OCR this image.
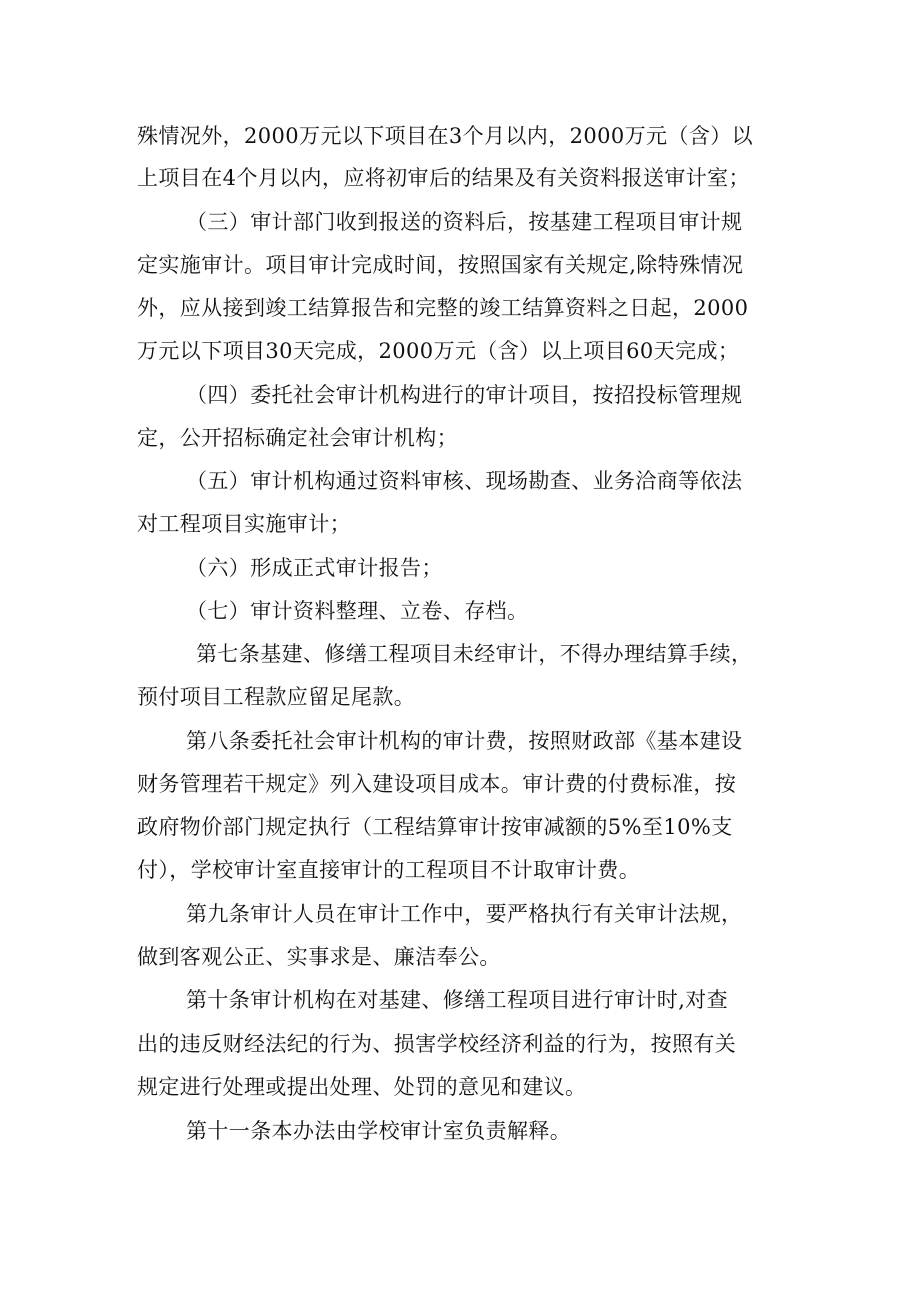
殊情况外，2000万元以下项目在3个月以内，2000万元（含）以
上项目在4个月以内，应将初审后的结果及有关资料报送审计室；
（三）审计部门收到报送的资料后，按基建工程项目审计规
定实施审计。项目审计完成时间，按照国家有关规定,除特殊情况
外，应从接到竣工结算报告和完整的竣工结算资料之日起，2000
万元以下项目30天完成，2000万元（含）以上项目60天完成；
（四）委托社会审计机构进行的审计项目，按招投标管理规
定，公开招标确定社会审计机构；
（五）审计机构通过资料审核、现场勘查、业务洽商等依法
对工程项目实施审计；
（六）形成正式审计报告；
（七）审计资料整理、立卷、存档。
第七条基建、修缮工程项目未经审计，不得办理结算手续，
预付项目工程款应留足尾款。
第八条委托社会审计机构的审计费，按照财政部《基本建设
财务管理若干规定》列入建设项目成本。审计费的付费标准，按
政府物价部门规定执行（工程结算审计按审减额的5%至10%支
付），学校审计室直接审计的工程项目不计取审计费。
第九条审计人员在审计工作中，要严格执行有关审计法规，
做到客观公正、实事求是、廉洁奉公。
第十条审计机构在对基建、修缮工程项目进行审计时,对查
出的违反财经法纪的行为、损害学校经济利益的行为，按照有关
规定进行处理或提出处理、处罚的意见和建议。
第十一条本办法由学校审计室负责解释。
